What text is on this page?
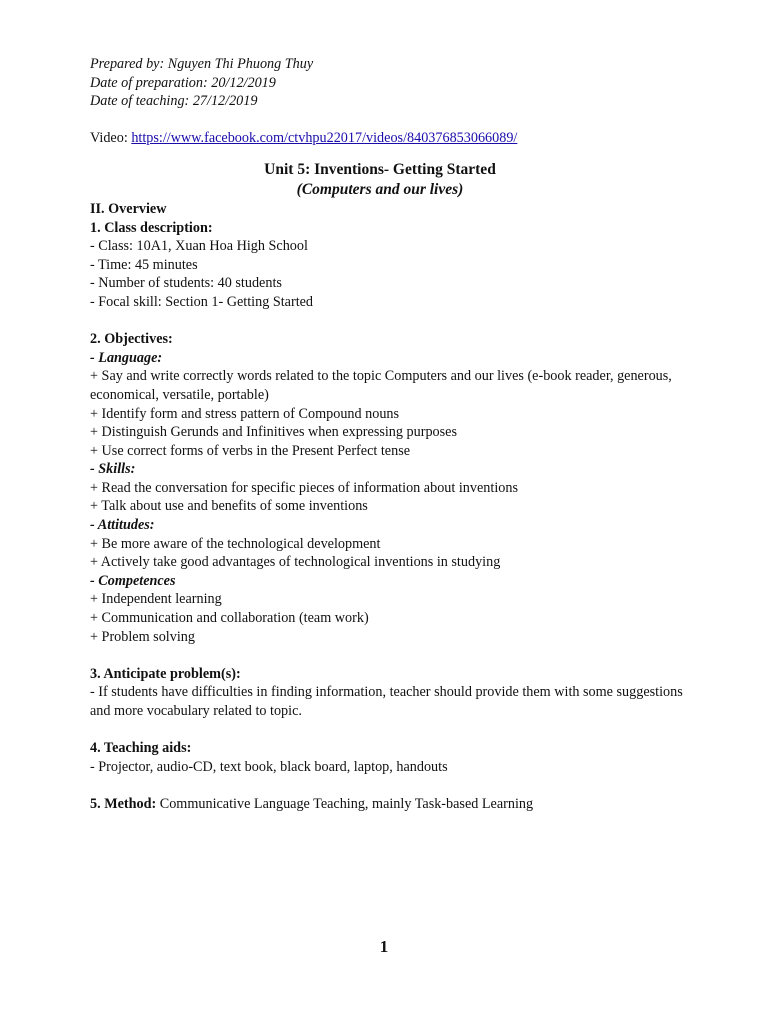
Prepared by: Nguyen Thi Phuong Thuy
Date of preparation: 20/12/2019
Date of teaching: 27/12/2019
Video: https://www.facebook.com/ctvhpu22017/videos/840376853066089/
Unit 5: Inventions- Getting Started
(Computers and our lives)
II. Overview
1. Class description:
- Class: 10A1, Xuan Hoa High School
- Time: 45 minutes
- Number of students: 40 students
- Focal skill: Section 1- Getting Started
2. Objectives:
- Language:
+ Say and write correctly words related to the topic Computers and our lives (e-book reader, generous, economical, versatile, portable)
+ Identify form and stress pattern of Compound nouns
+ Distinguish Gerunds and Infinitives when expressing purposes
+ Use correct forms of verbs in the Present Perfect tense
- Skills:
+ Read the conversation for specific pieces of information about inventions
+ Talk about use and benefits of some inventions
- Attitudes:
+ Be more aware of the technological development
+ Actively take good advantages of technological inventions in studying
- Competences
+ Independent learning
+ Communication and collaboration (team work)
+ Problem solving
3. Anticipate problem(s):
- If students have difficulties in finding information, teacher should provide them with some suggestions and more vocabulary related to topic.
4. Teaching aids:
- Projector, audio-CD, text book, black board, laptop, handouts
5. Method: Communicative Language Teaching, mainly Task-based Learning
1
